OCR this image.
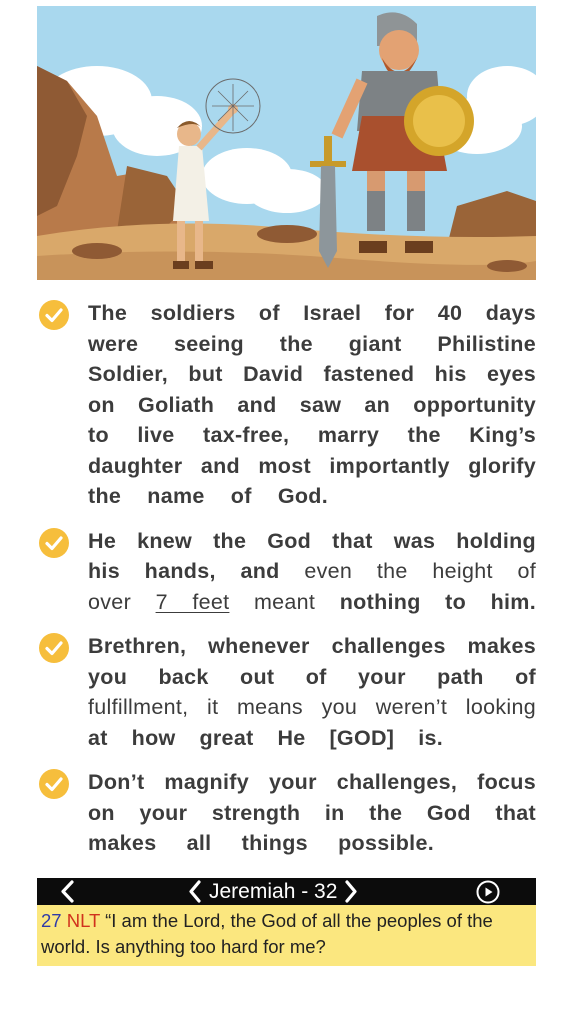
The soldiers of Israel for 40 days
were seeing the giant Philistine
Soldier, but David fastened his eyes
on Goliath and saw an opportunity
to live tax-free, marry the King’s
daughter and most importantly glorify
the name of God.
He knew the God that was holding
his hands, and even the height of
over 7 feet meant nothing to him.
Brethren, whenever challenges makes
you back out of your path of
fulfillment, it means you weren’t looking
at how great He [GOD] is.
Don’t magnify your challenges, focus
on your strength in the God that
makes all things possible.
Jeremiah - 32
27 NLT “I am the Lord, the God of all the peoples of the world. Is anything too hard for me?
